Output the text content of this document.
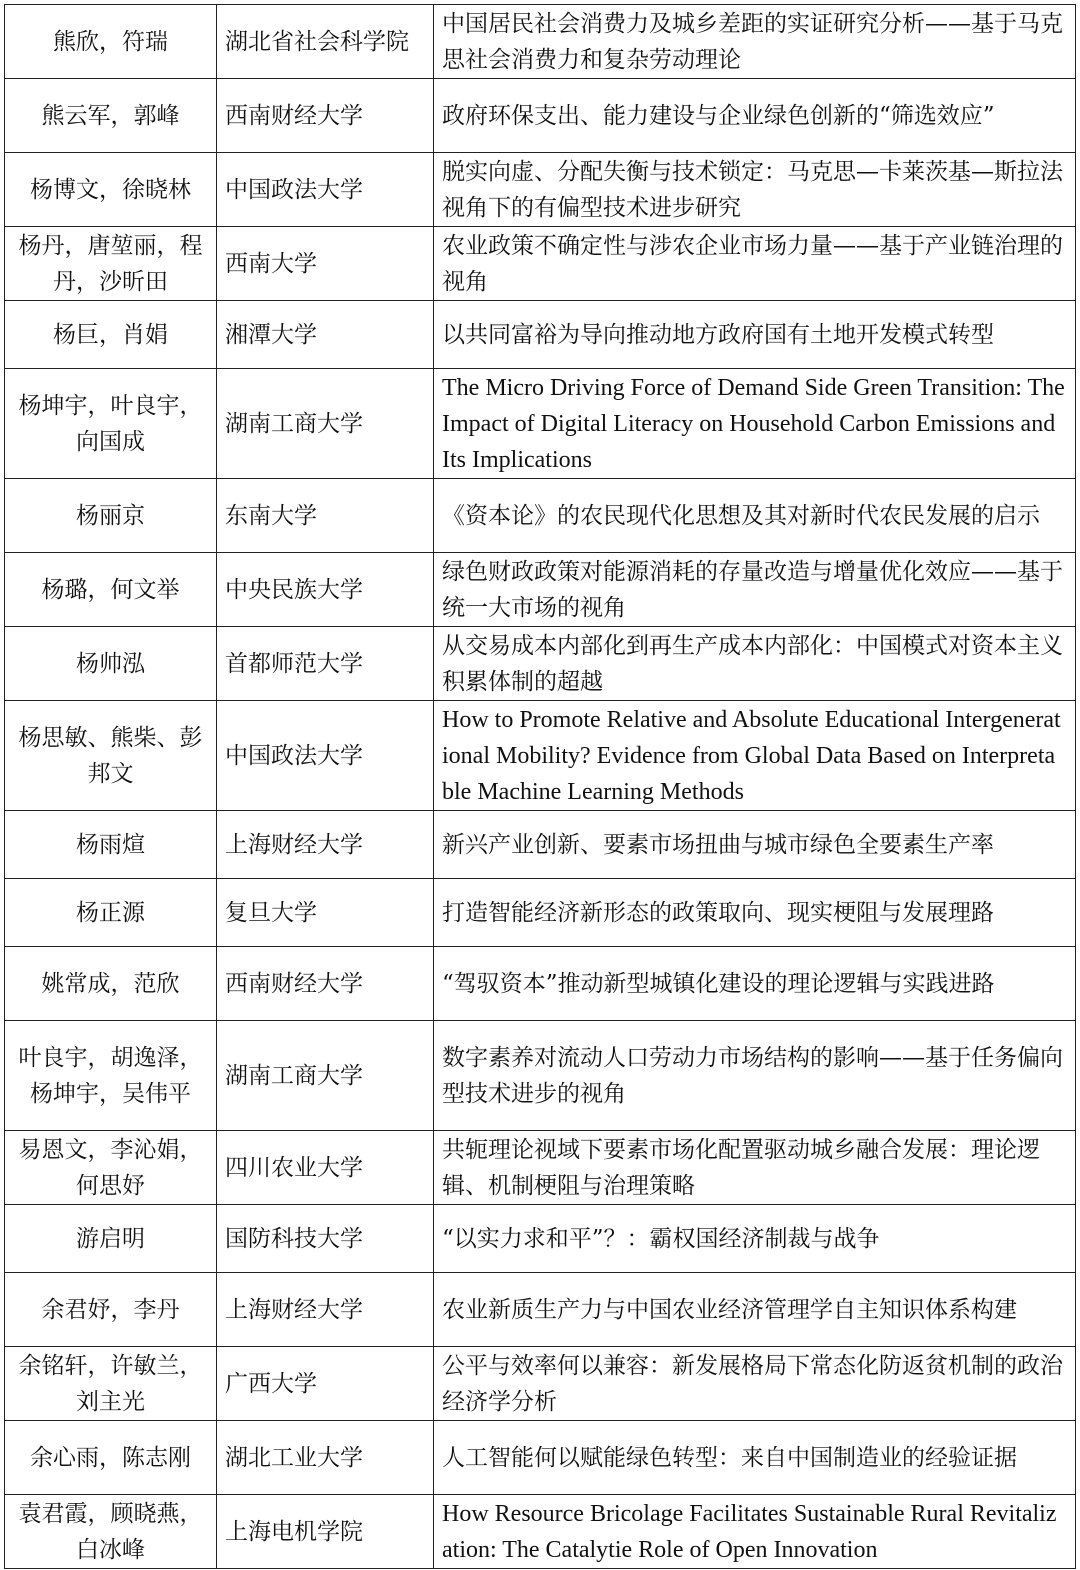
熊欣，符瑞	湖北省社会科学院	中国居民社会消费力及城乡差距的实证研究分析——基于马克思社会消费力和复杂劳动理论
熊云军，郭峰	西南财经大学	政府环保支出、能力建设与企业绿色创新的“筛选效应”
杨博文，徐晓林	中国政法大学	脱实向虚、分配失衡与技术锁定：马克思—卡莱茨基—斯拉法视角下的有偏型技术进步研究
杨丹，唐堃丽，程丹，沙昕田	西南大学	农业政策不确定性与涉农企业市场力量——基于产业链治理的视角
杨巨，肖娟	湘潭大学	以共同富裕为导向推动地方政府国有土地开发模式转型
杨坤宇，叶良宇，向国成	湖南工商大学	The Micro Driving Force of Demand Side Green Transition: The Impact of Digital Literacy on Household Carbon Emissions and Its Implications
杨丽京	东南大学	《资本论》的农民现代化思想及其对新时代农民发展的启示
杨璐，何文举	中央民族大学	绿色财政政策对能源消耗的存量改造与增量优化效应——基于统一大市场的视角
杨帅泓	首都师范大学	从交易成本内部化到再生产成本内部化：中国模式对资本主义积累体制的超越
杨思敏、熊柴、彭邦文	中国政法大学	How to Promote Relative and Absolute Educational Intergenerational Mobility? Evidence from Global Data Based on Interpretable Machine Learning Methods
杨雨煊	上海财经大学	新兴产业创新、要素市场扭曲与城市绿色全要素生产率
杨正源	复旦大学	打造智能经济新形态的政策取向、现实梗阻与发展理路
姚常成，范欣	西南财经大学	“驾驭资本”推动新型城镇化建设的理论逻辑与实践进路
叶良宇，胡逸泽，杨坤宇，吴伟平	湖南工商大学	数字素养对流动人口劳动力市场结构的影响——基于任务偏向型技术进步的视角
易恩文，李沁娟，何思妤	四川农业大学	共轭理论视域下要素市场化配置驱动城乡融合发展：理论逻辑、机制梗阻与治理策略
游启明	国防科技大学	“以实力求和平”？：霸权国经济制裁与战争
余君妤，李丹	上海财经大学	农业新质生产力与中国农业经济管理学自主知识体系构建
余铭轩，许敏兰，刘主光	广西大学	公平与效率何以兼容：新发展格局下常态化防返贫机制的政治经济学分析
余心雨，陈志刚	湖北工业大学	人工智能何以赋能绿色转型：来自中国制造业的经验证据
袁君霞，顾晓燕，白冰峰	上海电机学院	How Resource Bricolage Facilitates Sustainable Rural Revitalization: The Catalytie Role of Open Innovation
